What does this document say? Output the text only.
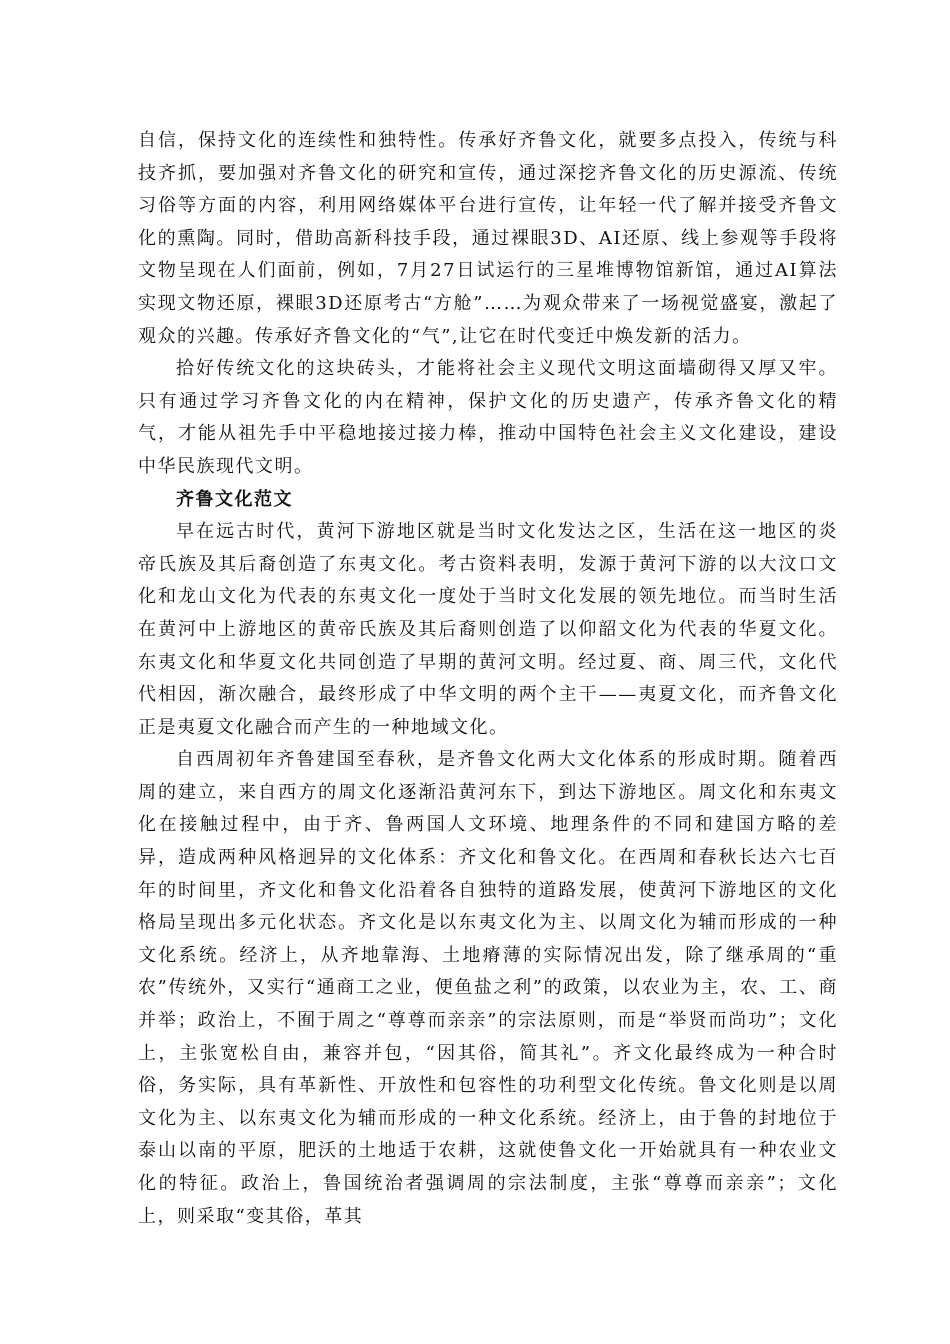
自信，保持文化的连续性和独特性。传承好齐鲁文化，就要多点投入，传统与科技齐抓，要加强对齐鲁文化的研究和宣传，通过深挖齐鲁文化的历史源流、传统习俗等方面的内容，利用网络媒体平台进行宣传，让年轻一代了解并接受齐鲁文化的熏陶。同时，借助高新科技手段，通过裸眼3D、AI还原、线上参观等手段将文物呈现在人们面前，例如，7月27日试运行的三星堆博物馆新馆，通过AI算法实现文物还原，裸眼3D还原考古“方舱”……为观众带来了一场视觉盛宴，激起了观众的兴趣。传承好齐鲁文化的“气”,让它在时代变迁中焕发新的活力。

拾好传统文化的这块砖头，才能将社会主义现代文明这面墙砌得又厚又牢。只有通过学习齐鲁文化的内在精神，保护文化的历史遗产，传承齐鲁文化的精气，才能从祖先手中平稳地接过接力棒，推动中国特色社会主义文化建设，建设中华民族现代文明。

齐鲁文化范文

早在远古时代，黄河下游地区就是当时文化发达之区，生活在这一地区的炎帝氏族及其后裔创造了东夷文化。考古资料表明，发源于黄河下游的以大汶口文化和龙山文化为代表的东夷文化一度处于当时文化发展的领先地位。而当时生活在黄河中上游地区的黄帝氏族及其后裔则创造了以仰韶文化为代表的华夏文化。东夷文化和华夏文化共同创造了早期的黄河文明。经过夏、商、周三代，文化代代相因，渐次融合，最终形成了中华文明的两个主干——夷夏文化，而齐鲁文化正是夷夏文化融合而产生的一种地域文化。

自西周初年齐鲁建国至春秋，是齐鲁文化两大文化体系的形成时期。随着西周的建立，来自西方的周文化逐渐沿黄河东下，到达下游地区。周文化和东夷文化在接触过程中，由于齐、鲁两国人文环境、地理条件的不同和建国方略的差异，造成两种风格迥异的文化体系：齐文化和鲁文化。在西周和春秋长达六七百年的时间里，齐文化和鲁文化沿着各自独特的道路发展，使黄河下游地区的文化格局呈现出多元化状态。齐文化是以东夷文化为主、以周文化为辅而形成的一种文化系统。经济上，从齐地靠海、土地瘠薄的实际情况出发，除了继承周的“重农”传统外，又实行“通商工之业，便鱼盐之利”的政策，以农业为主，农、工、商并举；政治上，不囿于周之“尊尊而亲亲”的宗法原则，而是“举贤而尚功”；文化上，主张宽松自由，兼容并包，“因其俗，简其礼”。齐文化最终成为一种合时俗，务实际，具有革新性、开放性和包容性的功利型文化传统。鲁文化则是以周文化为主、以东夷文化为辅而形成的一种文化系统。经济上，由于鲁的封地位于泰山以南的平原，肥沃的土地适于农耕，这就使鲁文化一开始就具有一种农业文化的特征。政治上，鲁国统治者强调周的宗法制度，主张“尊尊而亲亲”；文化上，则采取“变其俗，革其
